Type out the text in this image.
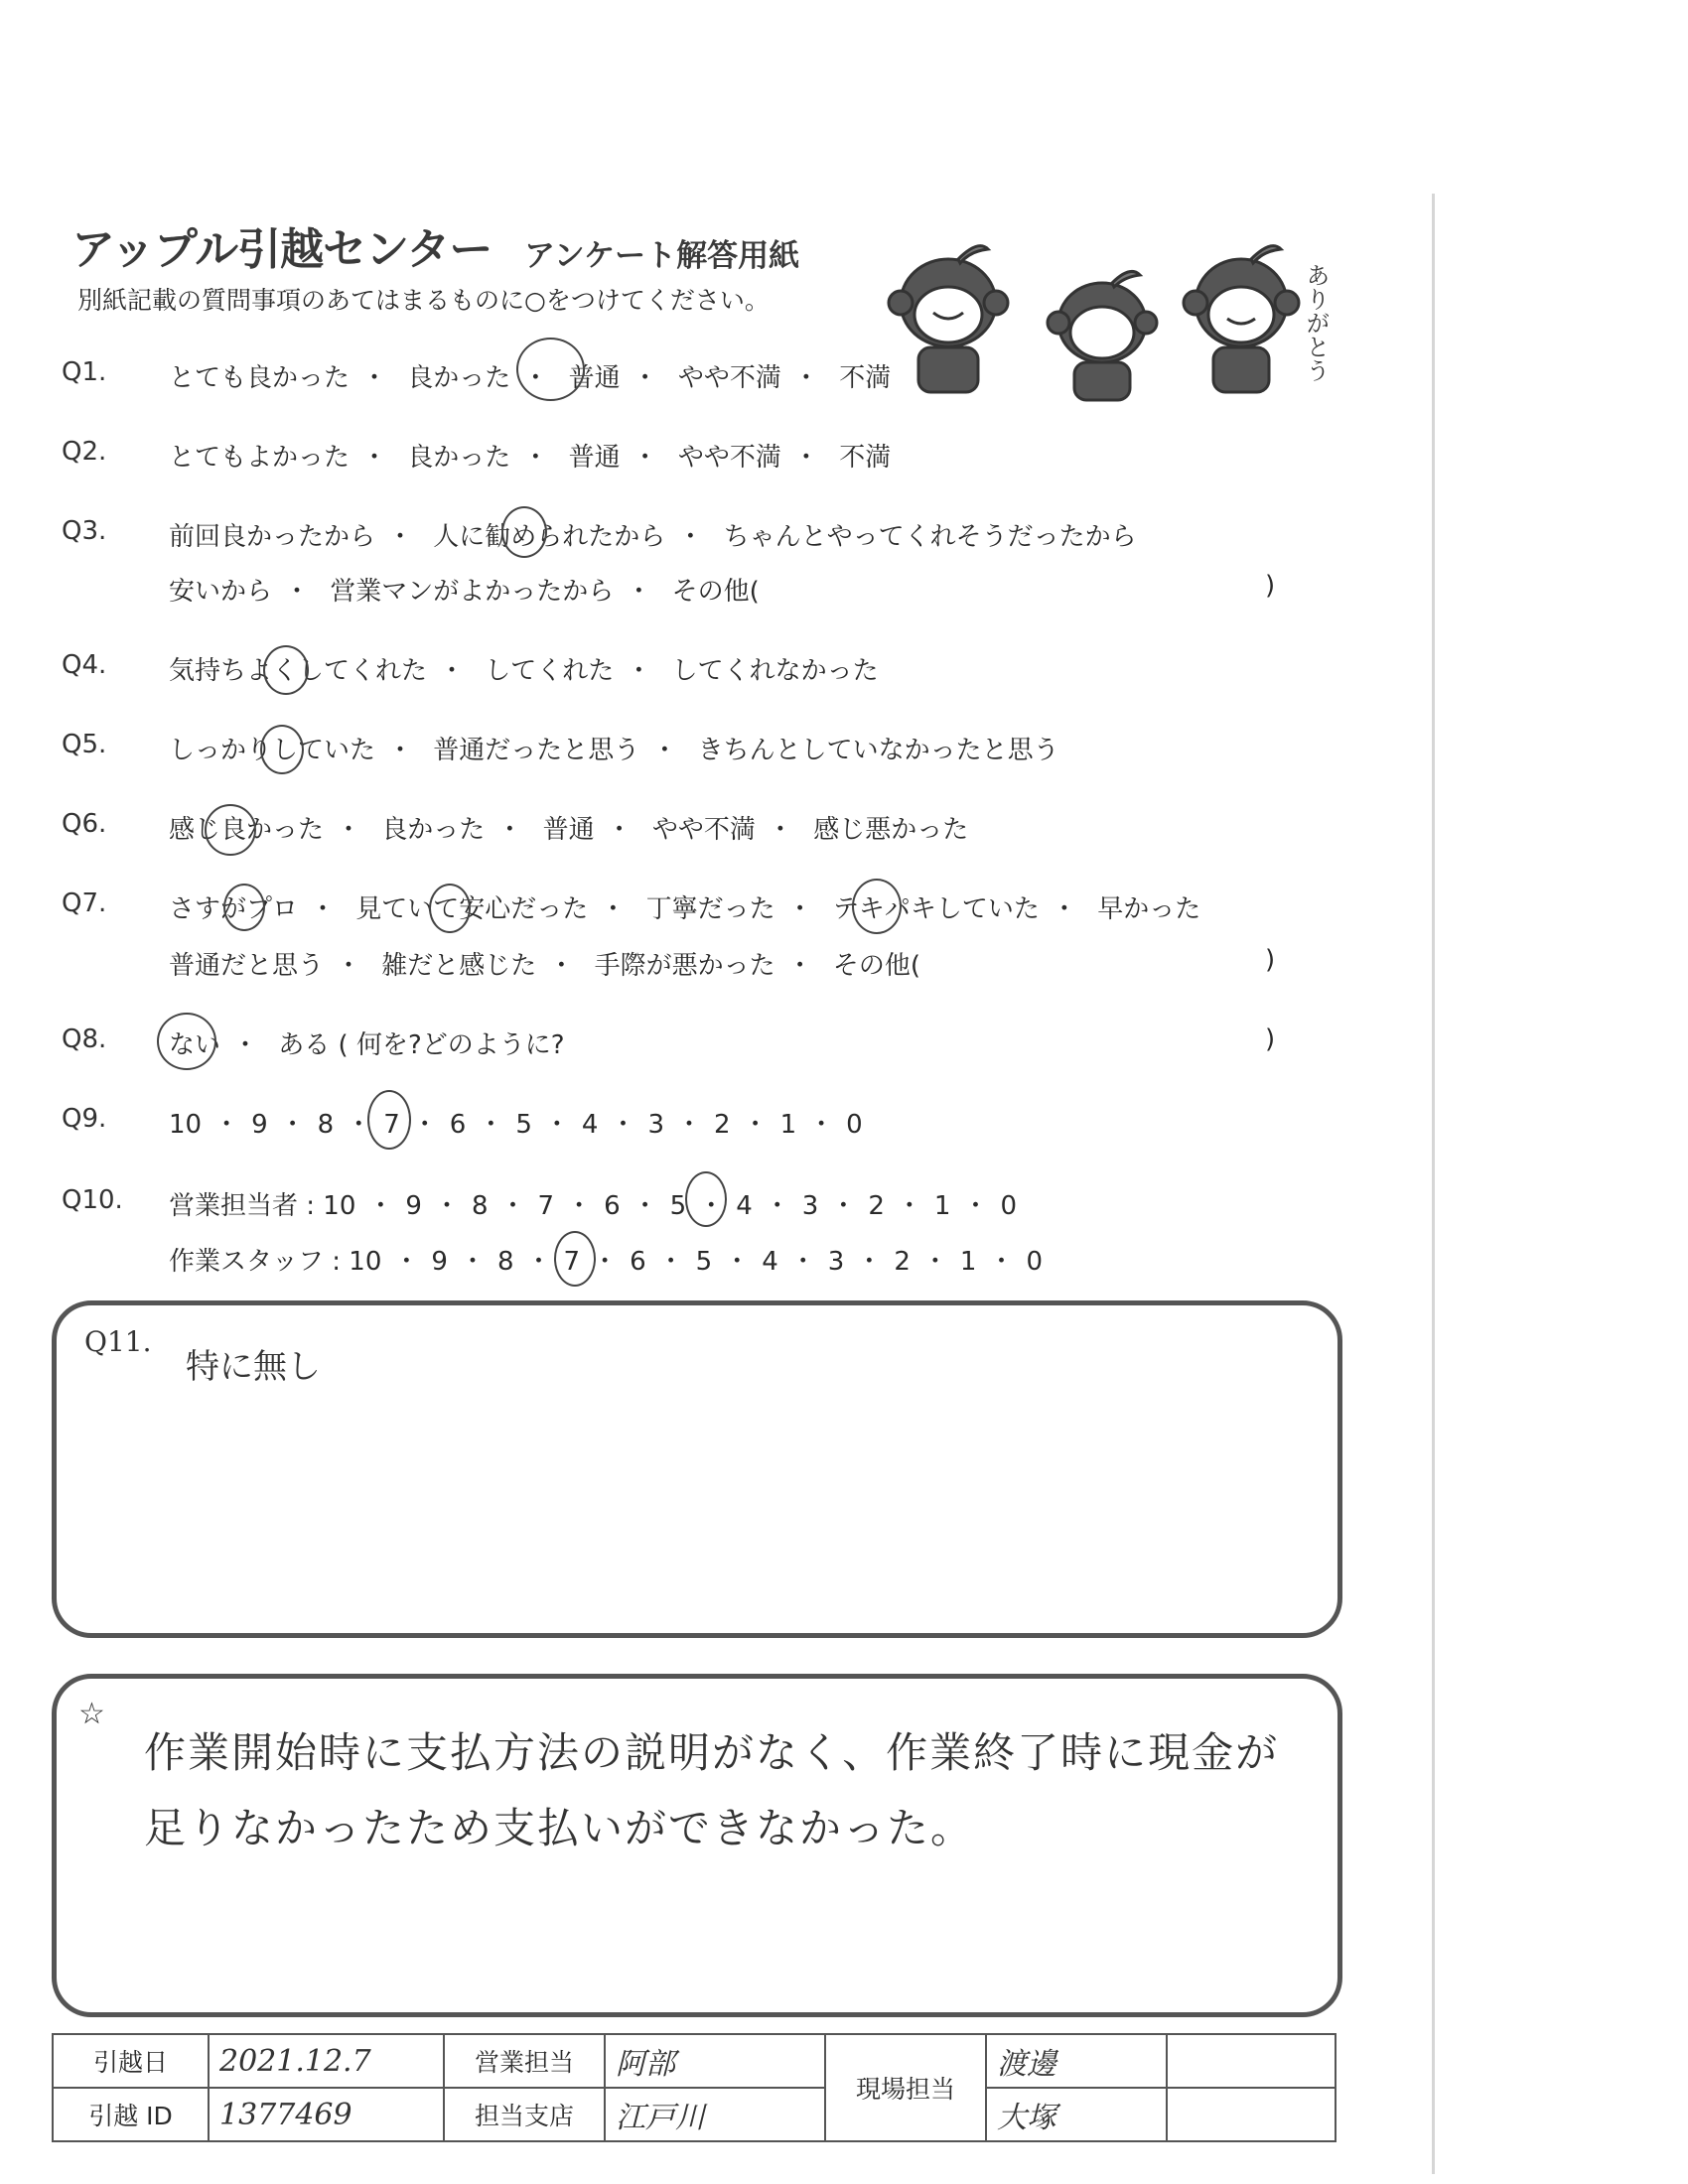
アップル引越センター アンケート解答用紙
別紙記載の質問事項のあてはまるものに○をつけてください。	ありがとう
Q1. とても良かった ・ 良かった ・ 普通 ・ やや不満 ・ 不満
Q2. とてもよかった ・ 良かった ・ 普通 ・ やや不満 ・ 不満
Q3. 前回良かったから ・ 人に勧められたから ・ ちゃんとやってくれそうだったから
安いから ・ 営業マンがよかったから ・ その他(	)
Q4. 気持ちよくしてくれた ・ してくれた ・ してくれなかった
Q5. しっかりしていた ・ 普通だったと思う ・ きちんとしていなかったと思う
Q6. 感じ良かった ・ 良かった ・ 普通 ・ やや不満 ・ 感じ悪かった
Q7. さすがプロ ・ 見ていて安心だった ・ 丁寧だった ・ テキパキしていた ・ 早かった
普通だと思う ・ 雑だと感じた ・ 手際が悪かった ・ その他(	)
Q8. ない ・ ある ( 何を?どのように?	)
Q9. 10 ・ 9 ・ 8 ・ 7 ・ 6 ・ 5 ・ 4 ・ 3 ・ 2 ・ 1 ・ 0
Q10. 営業担当者 : 10 ・ 9 ・ 8 ・ 7 ・ 6 ・ 5 ・ 4 ・ 3 ・ 2 ・ 1 ・ 0
作業スタッフ : 10 ・ 9 ・ 8 ・ 7 ・ 6 ・ 5 ・ 4 ・ 3 ・ 2 ・ 1 ・ 0
Q11.
特に無し
☆
作業開始時に支払方法の説明がなく、作業終了時に現金が
足りなかったため支払いができなかった。
引越日	2021.12.7	営業担当	阿部	現場担当	渡邊	
引越 ID	1377469	担当支店	江戸川		大塚	
